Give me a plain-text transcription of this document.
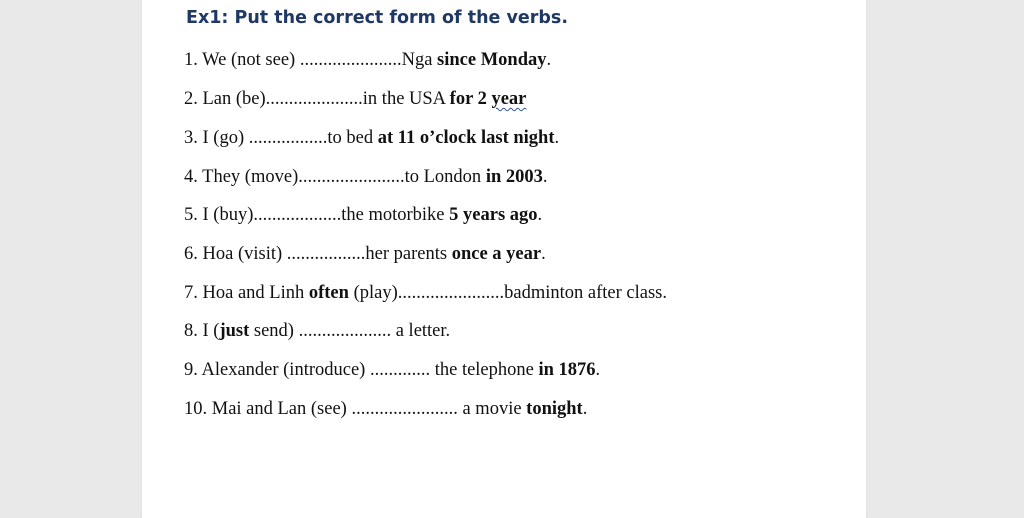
Ex1: Put the correct form of the verbs.
1. We (not see) ......................Nga since Monday.
2. Lan (be).....................in the USA for 2 year
3. I (go) .................to bed at 11 o’clock last night.
4. They (move).......................to London in 2003.
5. I (buy)...................the motorbike 5 years ago.
6. Hoa (visit) .................her parents once a year.
7. Hoa and Linh often (play).......................badminton after class.
8. I (just send) .................... a letter.
9. Alexander (introduce) ............. the telephone in 1876.
10. Mai and Lan (see) ....................... a movie tonight.
